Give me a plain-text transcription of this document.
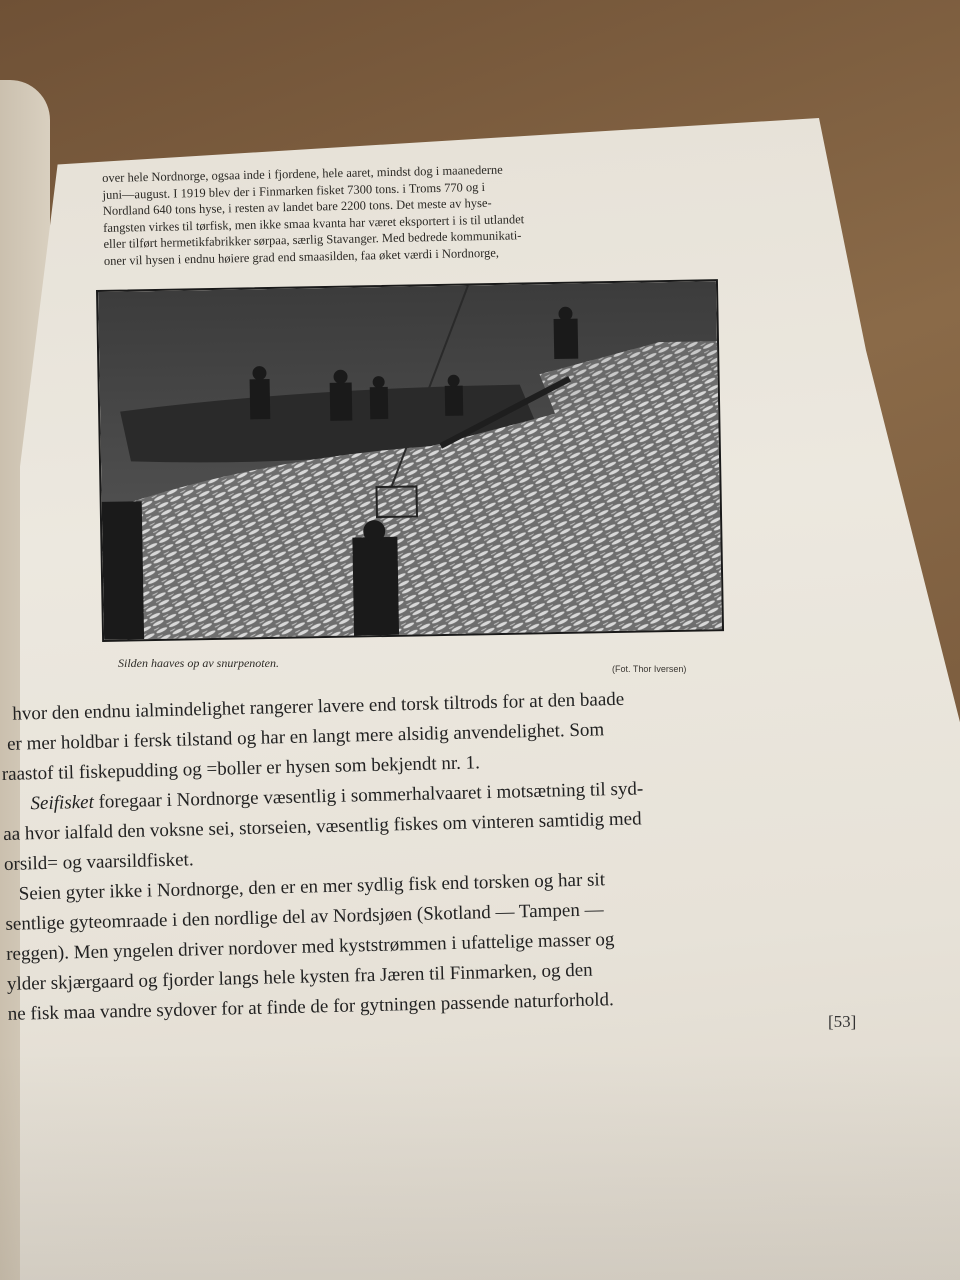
over hele Nordnorge, ogsaa inde i fjordene, hele aaret, mindst dog i maanederne

juni—august. I 1919 blev der i Finmarken fisket 7300 tons. i Troms 770 og i

Nordland 640 tons hyse, i resten av landet bare 2200 tons. Det meste av hyse-

fangsten virkes til tørfisk, men ikke smaa kvanta har været eksportert i is til utlandet

eller tilført hermetikfabrikker sørpaa, særlig Stavanger. Med bedrede kommunikati-

oner vil hysen i endnu høiere grad end smaasilden, faa øket værdi i Nordnorge,

Silden haaves op av snurpenoten.	(Fot. Thor Iversen)
hvor den endnu ialmindelighet rangerer lavere end torsk tiltrods for at den baade
er mer holdbar i fersk tilstand og har en langt mere alsidig anvendelighet. Som
raastof til fiskepudding og =boller er hysen som bekjendt nr. 1.
Seifisket foregaar i Nordnorge væsentlig i sommerhalvaaret i motsætning til syd-
aa hvor ialfald den voksne sei, storseien, væsentlig fiskes om vinteren samtidig med
orsild= og vaarsildfisket.
Seien gyter ikke i Nordnorge, den er en mer sydlig fisk end torsken og har sit
sentlige gyteomraade i den nordlige del av Nordsjøen (Skotland — Tampen —
reggen). Men yngelen driver nordover med kyststrømmen i ufattelige masser og
ylder skjærgaard og fjorder langs hele kysten fra Jæren til Finmarken, og den
ne fisk maa vandre sydover for at finde de for gytningen passende naturforhold.	[53]
